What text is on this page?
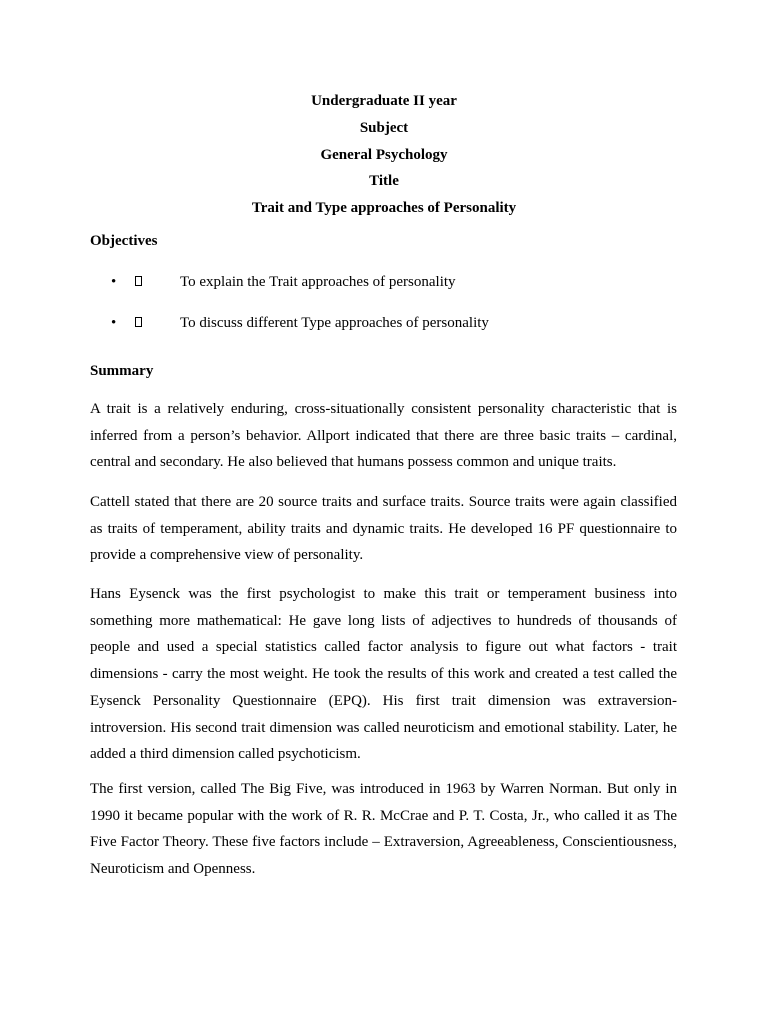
Undergraduate II year
Subject
General Psychology
Title
Trait and Type approaches of Personality
Objectives
•	To explain the Trait approaches of personality
•	To discuss different Type approaches of personality
Summary

A trait is a relatively enduring, cross-situationally consistent personality characteristic that is inferred from a person’s behavior. Allport indicated that there are three basic traits – cardinal, central and secondary. He also believed that humans possess common and unique traits.

Cattell stated that there are 20 source traits and surface traits. Source traits were again classified as traits of temperament, ability traits and dynamic traits. He developed 16 PF questionnaire to provide a comprehensive view of personality.

Hans Eysenck was the first psychologist to make this trait or temperament business into something more mathematical: He gave long lists of adjectives to hundreds of thousands of people and used a special statistics called factor analysis to figure out what factors - trait dimensions - carry the most weight. He took the results of this work and created a test called the Eysenck Personality Questionnaire (EPQ). His first trait dimension was extraversion-introversion. His second trait dimension was called neuroticism and emotional stability. Later, he added a third dimension called psychoticism.

The first version, called The Big Five, was introduced in 1963 by Warren Norman. But only in 1990 it became popular with the work of R. R. McCrae and P. T. Costa, Jr., who called it as The Five Factor Theory. These five factors include – Extraversion, Agreeableness, Conscientiousness, Neuroticism and Openness.
